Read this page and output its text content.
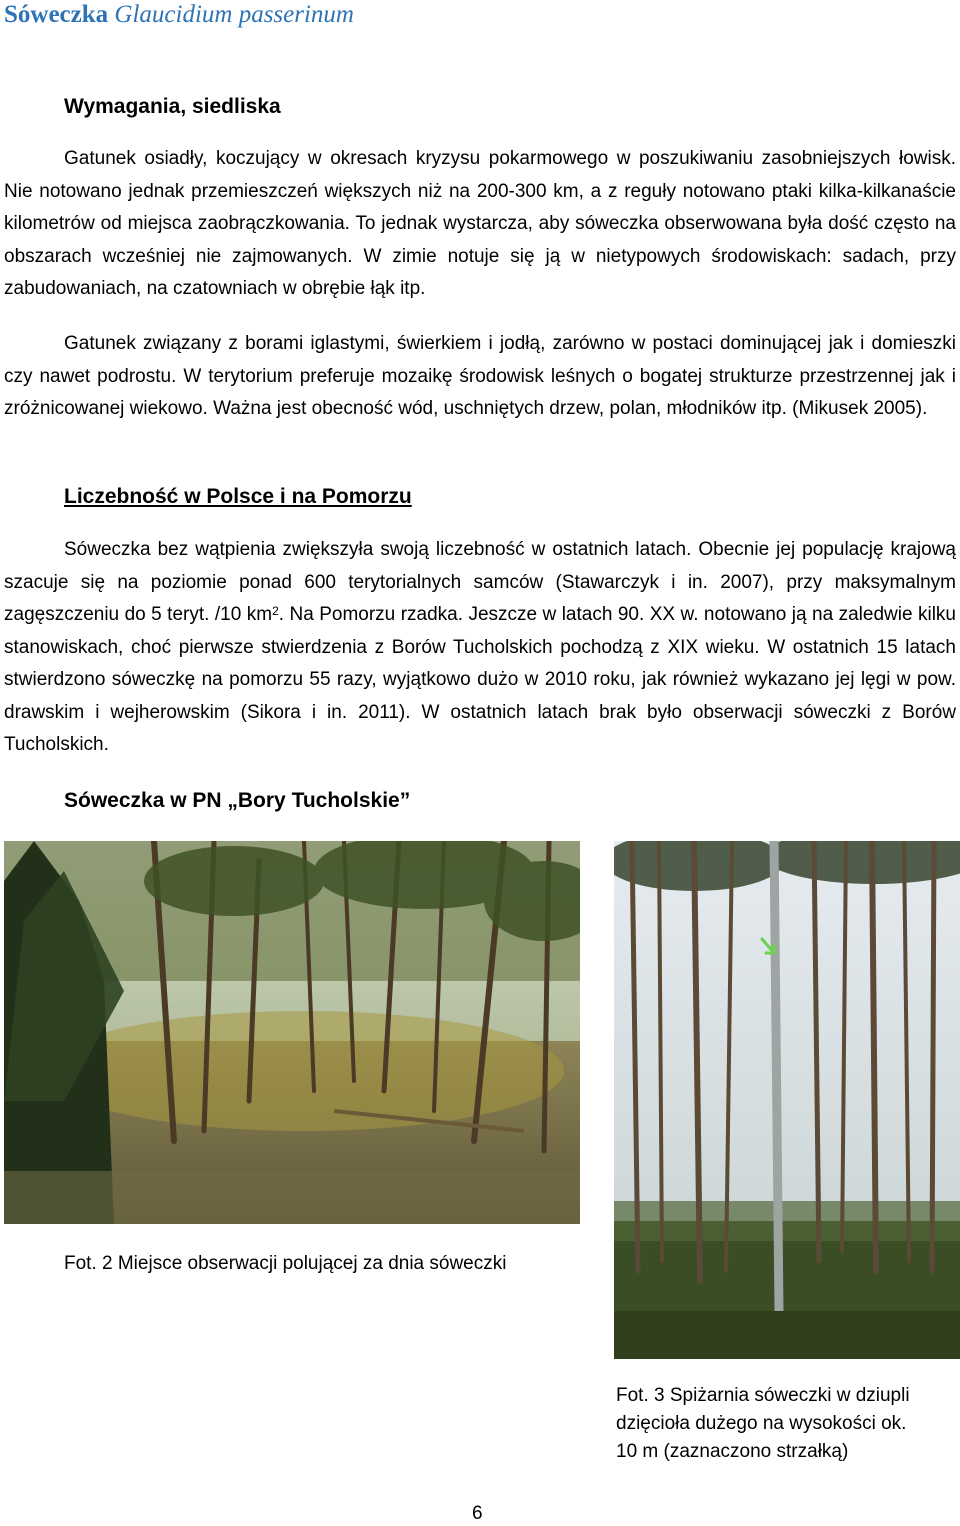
Sóweczka Glaucidium passerinum
Wymagania, siedliska

Gatunek osiadły, koczujący w okresach kryzysu pokarmowego w poszukiwaniu zasobniejszych łowisk. Nie notowano jednak przemieszczeń większych niż na 200-300 km, a z reguły notowano ptaki kilka-kilkanaście kilometrów od miejsca zaobrączkowania. To jednak wystarcza, aby sóweczka obserwowana była dość często na obszarach wcześniej nie zajmowanych. W zimie notuje się ją w nietypowych środowiskach: sadach, przy zabudowaniach, na czatowniach w obrębie łąk itp.

Gatunek związany z borami iglastymi, świerkiem i jodłą, zarówno w postaci dominującej jak i domieszki czy nawet podrostu. W terytorium preferuje mozaikę środowisk leśnych o bogatej strukturze przestrzennej jak i zróżnicowanej wiekowo. Ważna jest obecność wód, uschniętych drzew, polan, młodników itp. (Mikusek 2005).

Liczebność w Polsce i na Pomorzu

Sóweczka bez wątpienia zwiększyła swoją liczebność w ostatnich latach. Obecnie jej populację krajową szacuje się na poziomie ponad 600 terytorialnych samców (Stawarczyk i in. 2007), przy maksymalnym zagęszczeniu do 5 teryt. /10 $km^2$. Na Pomorzu rzadka. Jeszcze w latach 90. XX w. notowano ją na zaledwie kilku stanowiskach, choć pierwsze stwierdzenia z Borów Tucholskich pochodzą z XIX wieku. W ostatnich 15 latach stwierdzono sóweczkę na pomorzu 55 razy, wyjątkowo dużo w 2010 roku, jak również wykazano jej lęgi w pow. drawskim i wejherowskim (Sikora i in. 2011). W ostatnich latach brak było obserwacji sóweczki z Borów Tucholskich.

Sóweczka w PN „Bory Tucholskie”
Fot. 2 Miejsce obserwacji polującej za dnia sóweczki
Fot. 3 Spiżarnia sóweczki w dziupli
dzięcioła dużego na wysokości ok.
10 m (zaznaczono strzałką)
6
